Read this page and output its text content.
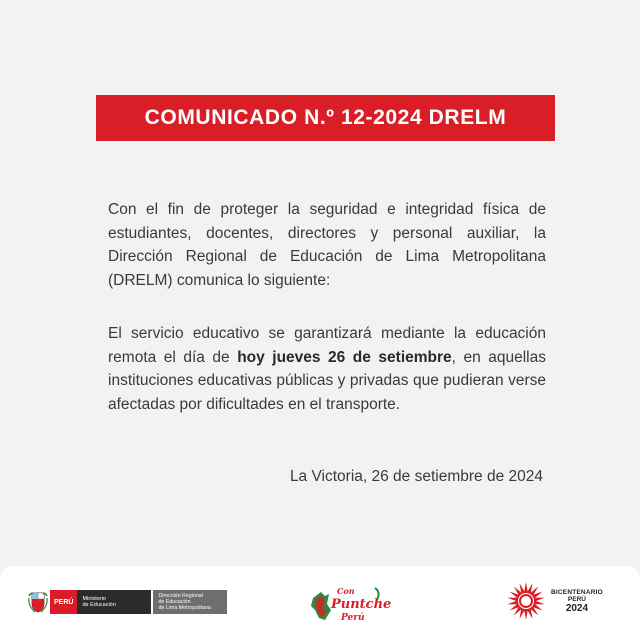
COMUNICADO N.º 12-2024 DRELM

Con el fin de proteger la seguridad e integridad física de estudiantes, docentes, directores y personal auxiliar, la Dirección Regional de Educación de Lima Metropolitana (DRELM) comunica lo siguiente:

El servicio educativo se garantizará mediante la educación remota el día de hoy jueves 26 de setiembre, en aquellas instituciones educativas públicas y privadas que pudieran verse afectadas por dificultades en el transporte.

La Victoria, 26 de setiembre de 2024
PERÚ	Ministerio
de Educación
Dirección Regional
de Educación
de Lima Metropolitana
Con
Puntche
Perú
BICENTENARIO
PERÚ
2024
